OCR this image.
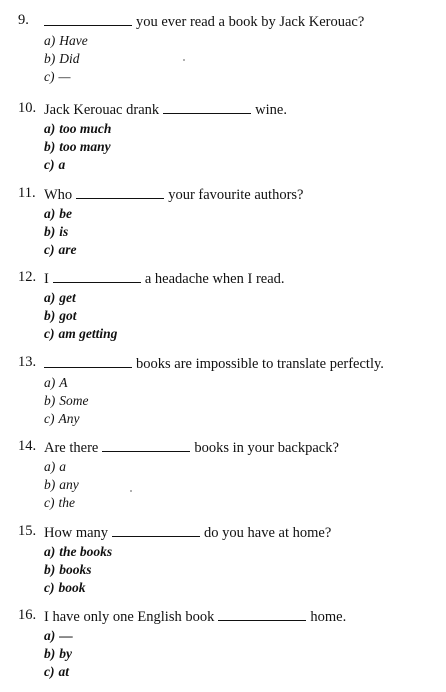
9.	you ever read a book by Jack Kerouac?
a) Have
b) Did
c) —
10. Jack Kerouac drank	wine.
a) too much
b) too many
c) a
11. Who	your favourite authors?
a) be
b) is
c) are
12. I	a headache when I read.
a) get
b) got
c) am getting
13.	books are impossible to translate perfectly.
a) A
b) Some
c) Any
14. Are there	books in your backpack?
a) a
b) any
c) the
15. How many	do you have at home?
a) the books
b) books
c) book
16. I have only one English book	home.
a) —
b) by
c) at
